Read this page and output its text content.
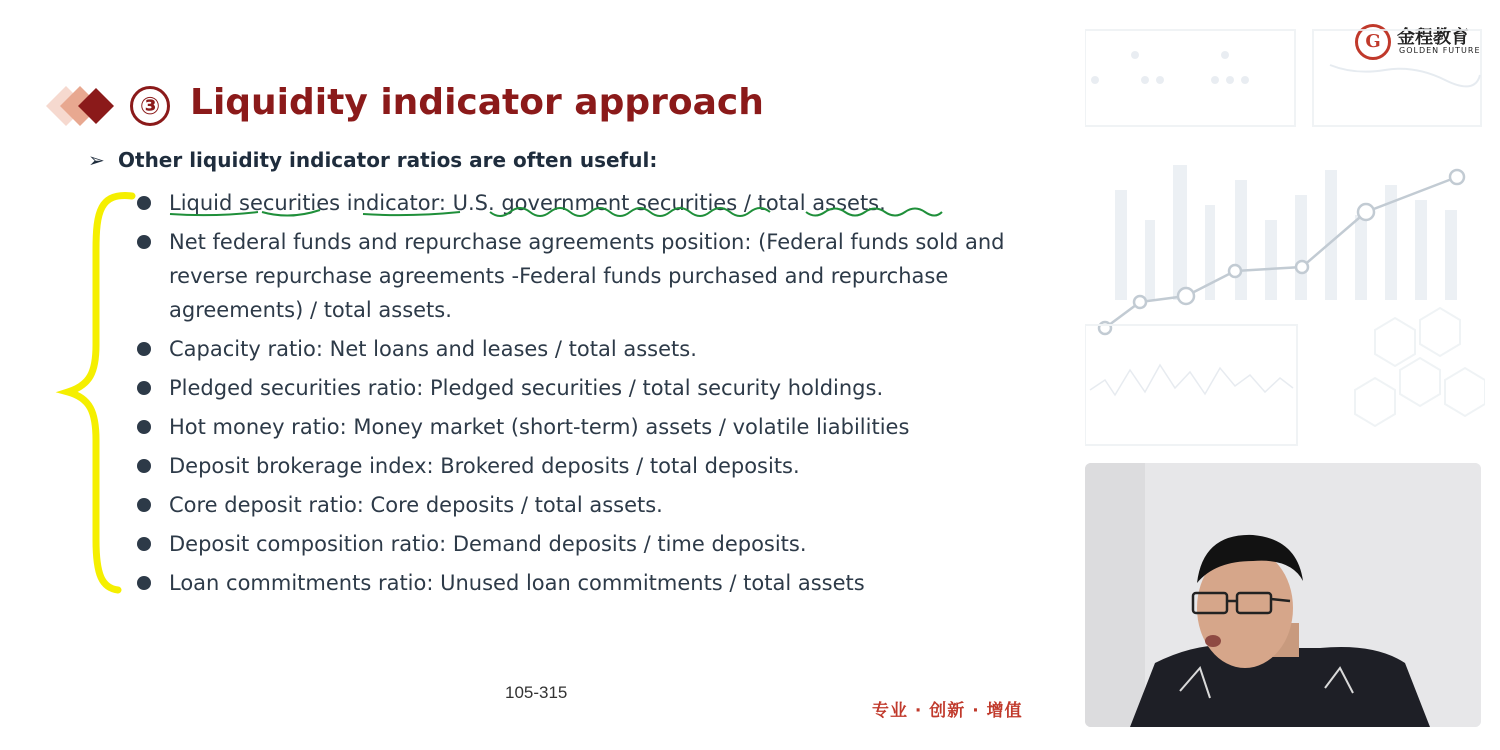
③ Liquidity indicator approach
➢ Other liquidity indicator ratios are often useful:
Liquid securities indicator: U.S. government securities / total assets.
Net federal funds and repurchase agreements position: (Federal funds sold and reverse repurchase agreements -Federal funds purchased and repurchase agreements) / total assets.
Capacity ratio: Net loans and leases / total assets.
Pledged securities ratio: Pledged securities / total security holdings.
Hot money ratio: Money market (short-term) assets / volatile liabilities
Deposit brokerage index: Brokered deposits / total deposits.
Core deposit ratio: Core deposits / total assets.
Deposit composition ratio: Demand deposits / time deposits.
Loan commitments ratio: Unused loan commitments / total assets
105-315
专业 · 创新 · 增值
G 金程教育
GOLDEN FUTURE
